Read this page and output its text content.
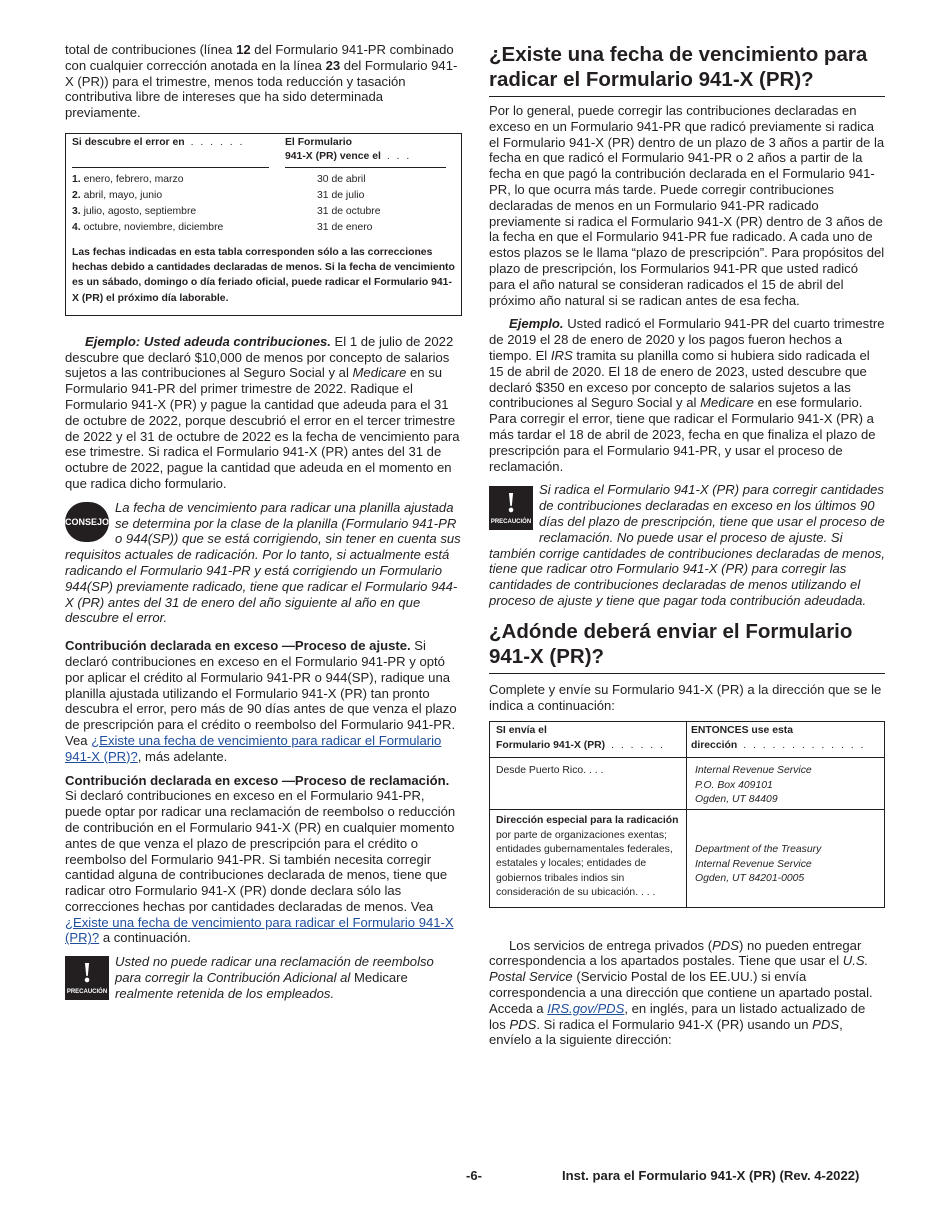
total de contribuciones (línea 12 del Formulario 941-PR combinado con cualquier corrección anotada en la línea 23 del Formulario 941-X (PR)) para el trimestre, menos toda reducción y tasación contributiva libre de intereses que ha sido determinada previamente.

Si descubre el error en . . . . . .	El Formulario
941-X (PR) vence el . . .
1. enero, febrero, marzo	30 de abril
2. abril, mayo, junio	31 de julio
3. julio, agosto, septiembre	31 de octubre
4. octubre, noviembre, diciembre	31 de enero

Las fechas indicadas en esta tabla corresponden sólo a las correcciones hechas debido a cantidades declaradas de menos. Si la fecha de vencimiento es un sábado, domingo o día feriado oficial, puede radicar el Formulario 941-X (PR) el próximo día laborable.

Ejemplo: Usted adeuda contribuciones. El 1 de julio de 2022 descubre que declaró $10,000 de menos por concepto de salarios sujetos a las contribuciones al Seguro Social y al Medicare en su Formulario 941-PR del primer trimestre de 2022. Radique el Formulario 941-X (PR) y pague la cantidad que adeuda para el 31 de octubre de 2022, porque descubrió el error en el tercer trimestre de 2022 y el 31 de octubre de 2022 es la fecha de vencimiento para ese trimestre. Si radica el Formulario 941-X (PR) antes del 31 de octubre de 2022, pague la cantidad que adeuda en el momento en que radica dicho formulario.

CONSEJO
La fecha de vencimiento para radicar una planilla ajustada se determina por la clase de la planilla (Formulario 941-PR o 944(SP)) que se está corrigiendo, sin tener en cuenta sus requisitos actuales de radicación. Por lo tanto, si actualmente está radicando el Formulario 941-PR y está corrigiendo un Formulario 944(SP) previamente radicado, tiene que radicar el Formulario 944-X (PR) antes del 31 de enero del año siguiente al año en que descubre el error.

Contribución declarada en exceso —Proceso de ajuste. Si declaró contribuciones en exceso en el Formulario 941-PR y optó por aplicar el crédito al Formulario 941-PR o 944(SP), radique una planilla ajustada utilizando el Formulario 941-X (PR) tan pronto descubra el error, pero más de 90 días antes de que venza el plazo de prescripción para el crédito o reembolso del Formulario 941-PR. Vea ¿Existe una fecha de vencimiento para radicar el Formulario 941-X (PR)?, más adelante.

Contribución declarada en exceso —Proceso de reclamación. Si declaró contribuciones en exceso en el Formulario 941-PR, puede optar por radicar una reclamación de reembolso o reducción de contribución en el Formulario 941-X (PR) en cualquier momento antes de que venza el plazo de prescripción para el crédito o reembolso del Formulario 941-PR. Si también necesita corregir cantidad alguna de contribuciones declarada de menos, tiene que radicar otro Formulario 941-X (PR) donde declara sólo las correcciones hechas por cantidades declaradas de menos. Vea ¿Existe una fecha de vencimiento para radicar el Formulario 941-X (PR)? a continuación.

!
PRECAUCIÓN
Usted no puede radicar una reclamación de reembolso para corregir la Contribución Adicional al Medicare realmente retenida de los empleados.
¿Existe una fecha de vencimiento para radicar el Formulario 941-X (PR)?

Por lo general, puede corregir las contribuciones declaradas en exceso en un Formulario 941-PR que radicó previamente si radica el Formulario 941-X (PR) dentro de un plazo de 3 años a partir de la fecha en que radicó el Formulario 941-PR o 2 años a partir de la fecha en que pagó la contribución declarada en el Formulario 941-PR, lo que ocurra más tarde. Puede corregir contribuciones declaradas de menos en un Formulario 941-PR radicado previamente si radica el Formulario 941-X (PR) dentro de 3 años de la fecha en que el Formulario 941-PR fue radicado. A cada uno de estos plazos se le llama “plazo de prescripción”. Para propósitos del plazo de prescripción, los Formularios 941-PR que usted radicó para el año natural se consideran radicados el 15 de abril del próximo año natural si se radican antes de esa fecha.

Ejemplo. Usted radicó el Formulario 941-PR del cuarto trimestre de 2019 el 28 de enero de 2020 y los pagos fueron hechos a tiempo. El IRS tramita su planilla como si hubiera sido radicada el 15 de abril de 2020. El 18 de enero de 2023, usted descubre que declaró $350 en exceso por concepto de salarios sujetos a las contribuciones al Seguro Social y al Medicare en ese formulario. Para corregir el error, tiene que radicar el Formulario 941-X (PR) a más tardar el 18 de abril de 2023, fecha en que finaliza el plazo de prescripción para el Formulario 941-PR, y usar el proceso de reclamación.

!
PRECAUCIÓN
Si radica el Formulario 941-X (PR) para corregir cantidades de contribuciones declaradas en exceso en los últimos 90 días del plazo de prescripción, tiene que usar el proceso de reclamación. No puede usar el proceso de ajuste. Si también corrige cantidades de contribuciones declaradas de menos, tiene que radicar otro Formulario 941-X (PR) para corregir las cantidades de contribuciones declaradas de menos utilizando el proceso de ajuste y tiene que pagar toda contribución adeudada.
¿Adónde deberá enviar el Formulario 941-X (PR)?

Complete y envíe su Formulario 941-X (PR) a la dirección que se le indica a continuación:

SI envía el
Formulario 941-X (PR) . . . . . .
ENTONCES use esta
dirección . . . . . . . . . . . . .
Desde Puerto Rico. . . .	Internal Revenue Service
P.O. Box 409101
Ogden, UT 84409
Dirección especial para la radicación por parte de organizaciones exentas; entidades gubernamentales federales, estatales y locales; entidades de gobiernos tribales indios sin consideración de su ubicación. . . .
Department of the Treasury
Internal Revenue Service
Ogden, UT 84201-0005

Los servicios de entrega privados (PDS) no pueden entregar correspondencia a los apartados postales. Tiene que usar el U.S. Postal Service (Servicio Postal de los EE.UU.) si envía correspondencia a una dirección que contiene un apartado postal. Acceda a IRS.gov/PDS, en inglés, para un listado actualizado de los PDS. Si radica el Formulario 941-X (PR) usando un PDS, envíelo a la siguiente dirección:

-6-	Inst. para el Formulario 941-X (PR) (Rev. 4-2022)
